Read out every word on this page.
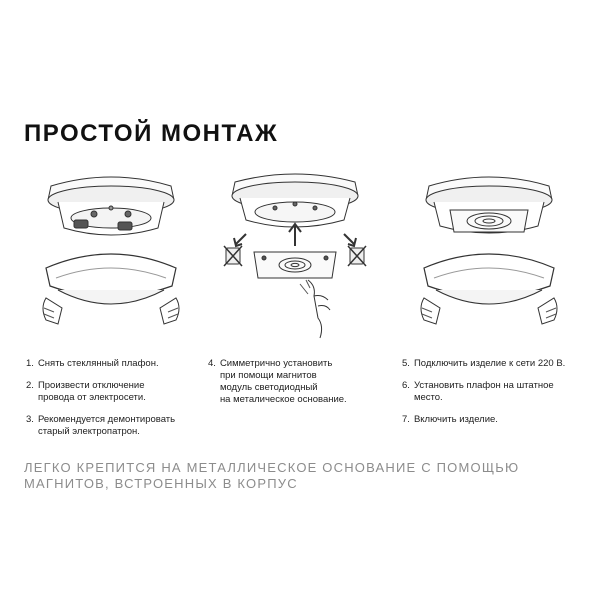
ПРОСТОЙ МОНТАЖ
1. Снять стеклянный плафон.
2. Произвести отключение
провода от электросети.
3. Рекомендуется демонтировать
старый электропатрон.
4. Симметрично установить
при помощи магнитов
модуль светодиодный
на металическое основание.
5. Подключить изделие к сети 220 В.
6. Установить плафон на штатное
место.
7. Включить изделие.
ЛЕГКО КРЕПИТСЯ НА МЕТАЛЛИЧЕСКОЕ ОСНОВАНИЕ С ПОМОЩЬЮ МАГНИТОВ, ВСТРОЕННЫХ В КОРПУС
